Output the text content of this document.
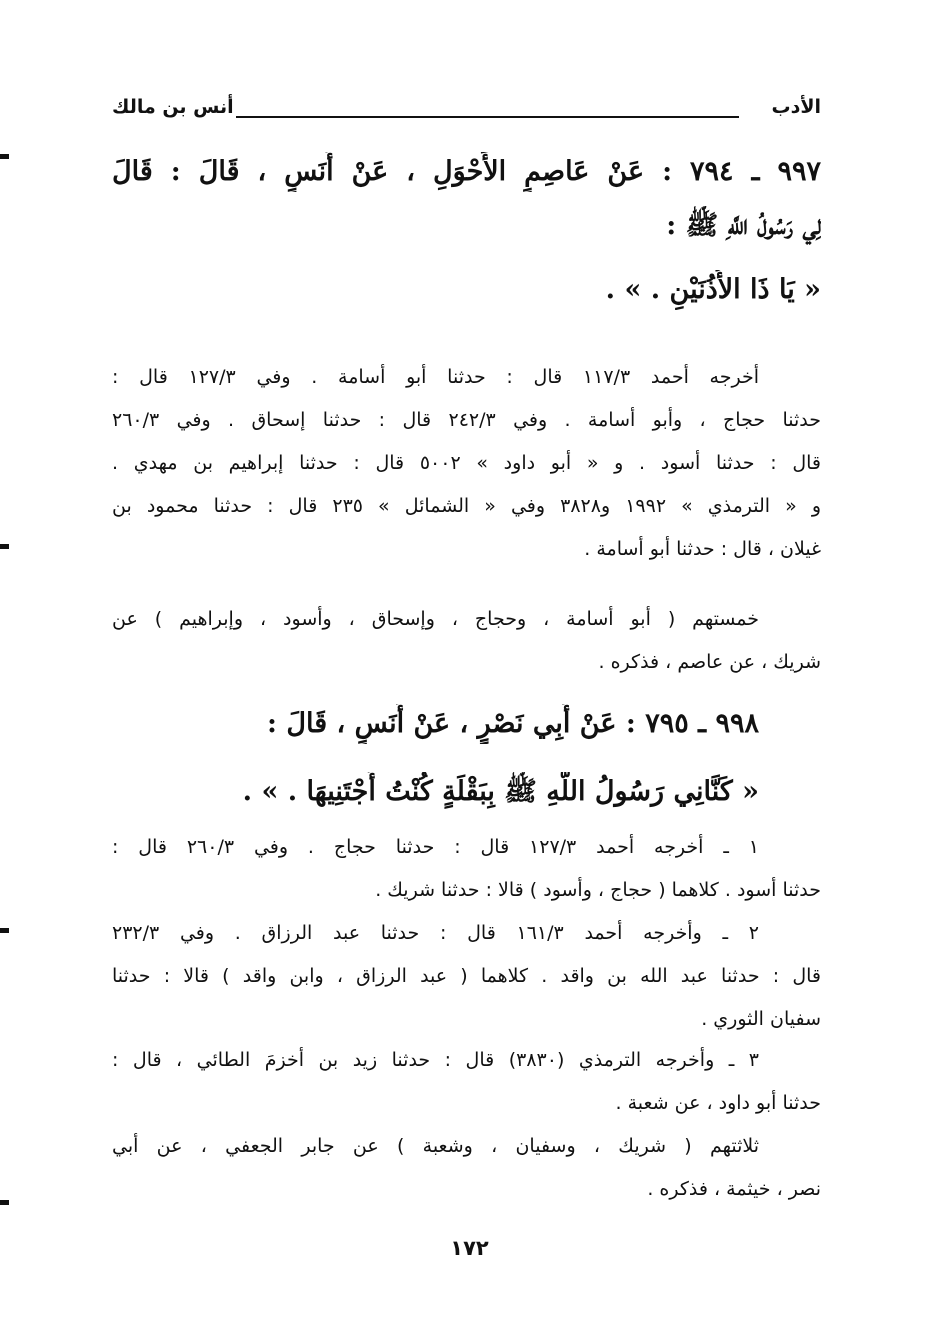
الأدب
أنس بن مالك
٩٩٧ ـ ٧٩٤ : عَنْ عَاصِمٍ الأَحْوَلِ ، عَنْ أَنَسٍ ، قَالَ : قَالَ
لِي رَسُولُ اللَّهِ ﷺ :
« يَا ذَا الأُذُنَيْنِ . » .
أخرجه أحمد ١١٧/٣ قال : حدثنا أبو أسامة . وفي ١٢٧/٣ قال :
حدثنا حجاج ، وأبو أسامة . وفي ٢٤٢/٣ قال : حدثنا إسحاق . وفي ٢٦٠/٣
قال : حدثنا أسود . و « أبو داود » ٥٠٠٢ قال : حدثنا إبراهيم بن مهدي .
و « الترمذي » ١٩٩٢ و٣٨٢٨ وفي « الشمائل » ٢٣٥ قال : حدثنا محمود بن
غيلان ، قال : حدثنا أبو أسامة .
خمستهم ( أبو أسامة ، وحجاج ، وإسحاق ، وأسود ، وإبراهيم ) عن
شريك ، عن عاصم ، فذكره .
٩٩٨ ـ ٧٩٥ : عَنْ أَبِي نَصْرٍ ، عَنْ أَنَسٍ ، قَالَ :
« كَنَّانِي رَسُولُ اللَّهِ ﷺ بِبَقْلَةٍ كُنْتُ أَجْتَنِيهَا . » .
١ ـ أخرجه أحمد ١٢٧/٣ قال : حدثنا حجاج . وفي ٢٦٠/٣ قال :
حدثنا أسود . كلاهما ( حجاج ، وأسود ) قالا : حدثنا شريك .
٢ ـ وأخرجه أحمد ١٦١/٣ قال : حدثنا عبد الرزاق . وفي ٢٣٢/٣
قال : حدثنا عبد الله بن واقد . كلاهما ( عبد الرزاق ، وابن واقد ) قالا : حدثنا
سفيان الثوري .
٣ ـ وأخرجه الترمذي (٣٨٣٠) قال : حدثنا زيد بن أخزمَ الطائي ، قال :
حدثنا أبو داود ، عن شعبة .
ثلاثتهم ( شريك ، وسفيان ، وشعبة ) عن جابر الجعفي ، عن أبي
نصر ، خيثمة ، فذكره .
١٧٢
